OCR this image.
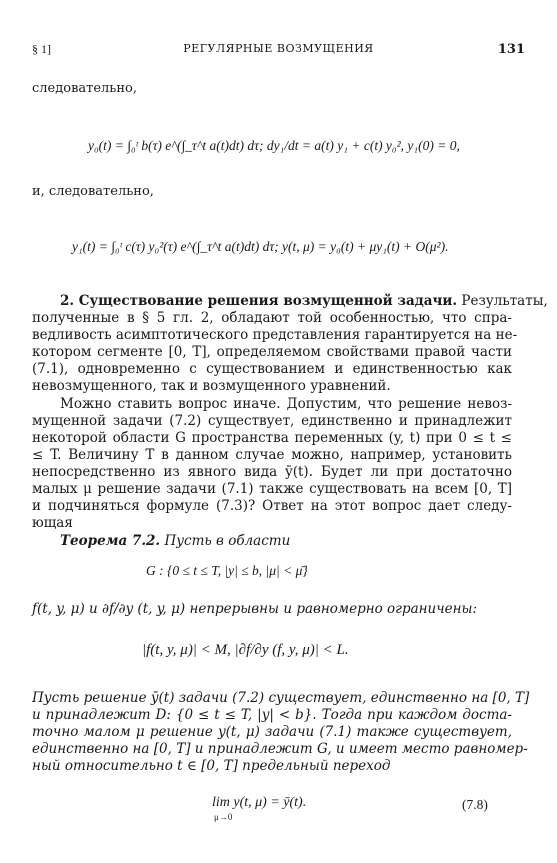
§ 1]	РЕГУЛЯРНЫЕ ВОЗМУЩЕНИЯ	131
следовательно,
y₀(t) = ∫₀ᵗ b(τ) e^(∫_τ^t a(t)dt) dτ; dy₁/dt = a(t) y₁ + c(t) y₀², y₁(0) = 0,
и, следовательно,
y₁(t) = ∫₀ᵗ c(τ) y₀²(τ) e^(∫_τ^t a(t)dt) dτ; y(t, μ) = y₀(t) + μy₁(t) + O(μ²).
2. Существование решения возмущенной задачи. Результаты,
полученные в § 5 гл. 2, обладают той особенностью, что спра-
ведливость асимптотического представления гарантируется на не-
котором сегменте [0, T], определяемом свойствами правой части
(7.1), одновременно с существованием и единственностью как
невозмущенного, так и возмущенного уравнений.
Можно ставить вопрос иначе. Допустим, что решение невоз-
мущенной задачи (7.2) существует, единственно и принадлежит
некоторой области G пространства переменных (y, t) при 0 ≤ t ≤
≤ T. Величину T в данном случае можно, например, установить
непосредственно из явного вида ȳ(t). Будет ли при достаточно
малых μ решение задачи (7.1) также существовать на всем [0, T]
и подчиняться формуле (7.3)? Ответ на этот вопрос дает следу-
ющая
Теорема 7.2. Пусть в области
G : {0 ≤ t ≤ T, |y| ≤ b, |μ| < μ̄}
f(t, y, μ) и ∂f/∂y (t, y, μ) непрерывны и равномерно ограничены:
|f(t, y, μ)| < M, |∂f/∂y (f, y, μ)| < L.
Пусть решение ȳ(t) задачи (7.2) существует, единственно на [0, T]
и принадлежит D: {0 ≤ t ≤ T, |y| < b}. Тогда при каждом доста-
точно малом μ решение y(t, μ) задачи (7.1) также существует,
единственно на [0, T] и принадлежит G, и имеет место равномер-
ный относительно t ∈ [0, T] предельный переход
lim y(t, μ) = ȳ(t).
μ→0
(7.8)
